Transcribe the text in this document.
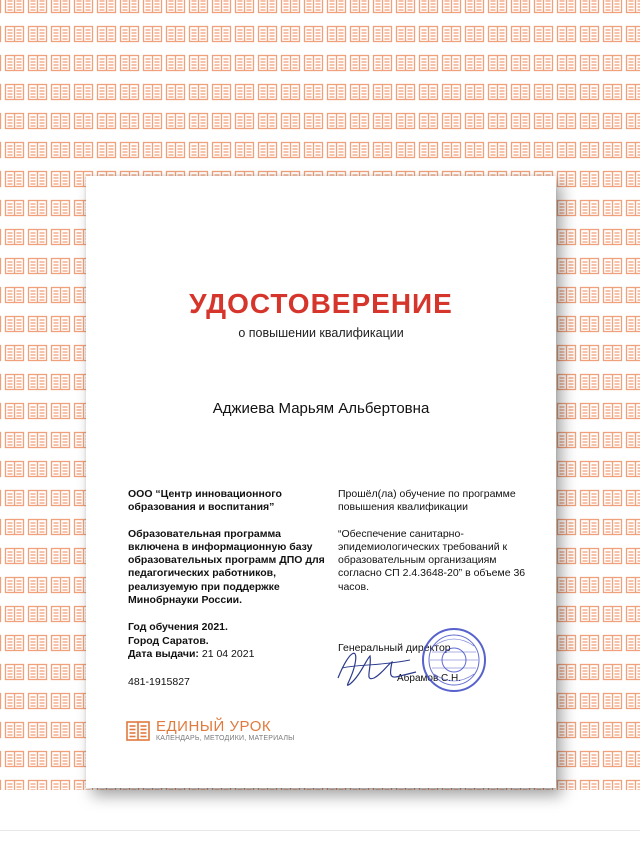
УДОСТОВЕРЕНИЕ
о повышении квалификации
Аджиева Марьям Альбертовна

ООО “Центр инновационного образования и воспитания”

Образовательная программа включена в информационную базу образовательных программ ДПО для педагогических работников, реализуемую при поддержке Минобрнауки России.

Год обучения 2021.
Город Саратов.
Дата выдачи: 21 04 2021

481-1915827

Прошёл(ла) обучение по программе повышения квалификации

“Обеспечение санитарно-эпидемиологических требований к образовательным организациям согласно СП 2.4.3648-20” в объеме 36 часов.

Генеральный директор
Абрамов С.Н.
ЕДИНЫЙ УРОК
КАЛЕНДАРЬ, МЕТОДИКИ, МАТЕРИАЛЫ
